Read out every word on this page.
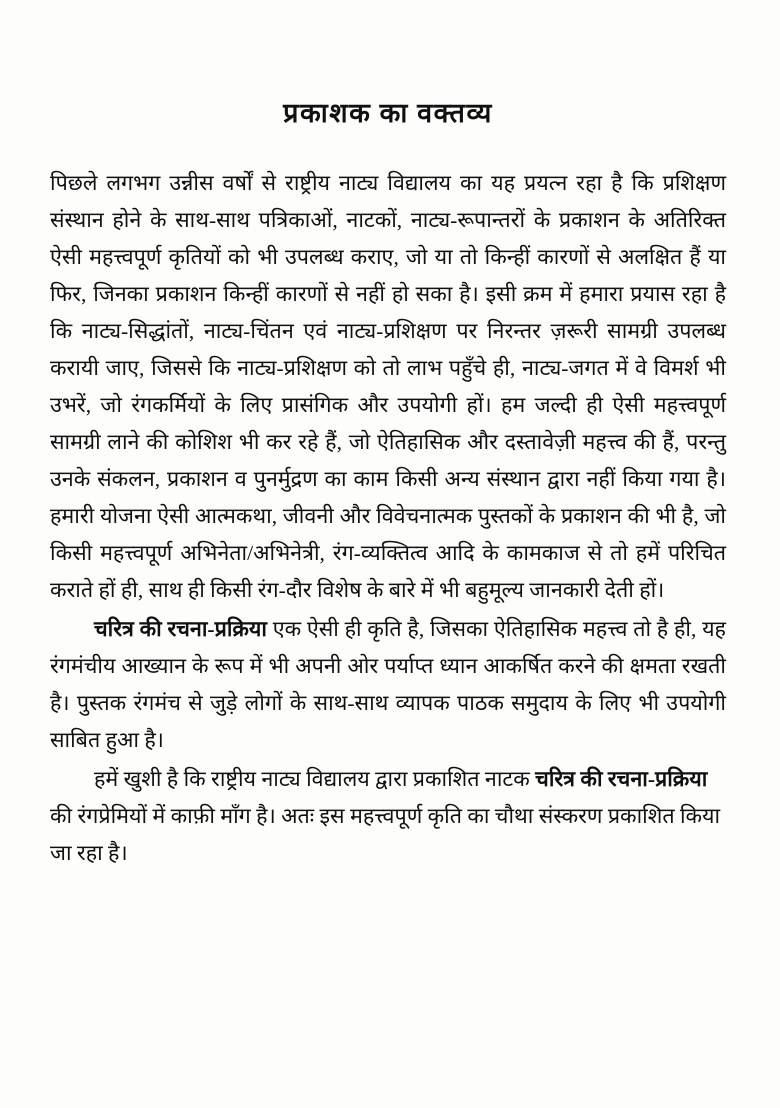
प्रकाशक का वक्तव्य

पिछले लगभग उन्नीस वर्षों से राष्ट्रीय नाट्य विद्यालय का यह प्रयत्न रहा है कि प्रशिक्षण संस्थान होने के साथ-साथ पत्रिकाओं, नाटकों, नाट्य-रूपान्तरों के प्रकाशन के अतिरिक्त ऐसी महत्त्वपूर्ण कृतियों को भी उपलब्ध कराए, जो या तो किन्हीं कारणों से अलक्षित हैं या फिर, जिनका प्रकाशन किन्हीं कारणों से नहीं हो सका है। इसी क्रम में हमारा प्रयास रहा है कि नाट्य-सिद्धांतों, नाट्य-चिंतन एवं नाट्य-प्रशिक्षण पर निरन्तर ज़रूरी सामग्री उपलब्ध करायी जाए, जिससे कि नाट्य-प्रशिक्षण को तो लाभ पहुँचे ही, नाट्य-जगत में वे विमर्श भी उभरें, जो रंगकर्मियों के लिए प्रासंगिक और उपयोगी हों। हम जल्दी ही ऐसी महत्त्वपूर्ण सामग्री लाने की कोशिश भी कर रहे हैं, जो ऐतिहासिक और दस्तावेज़ी महत्त्व की हैं, परन्तु उनके संकलन, प्रकाशन व पुनर्मुद्रण का काम किसी अन्य संस्थान द्वारा नहीं किया गया है। हमारी योजना ऐसी आत्मकथा, जीवनी और विवेचनात्मक पुस्तकों के प्रकाशन की भी है, जो किसी महत्त्वपूर्ण अभिनेता/अभिनेत्री, रंग-व्यक्तित्व आदि के कामकाज से तो हमें परिचित कराते हों ही, साथ ही किसी रंग-दौर विशेष के बारे में भी बहुमूल्य जानकारी देती हों।

चरित्र की रचना-प्रक्रिया एक ऐसी ही कृति है, जिसका ऐतिहासिक महत्त्व तो है ही, यह रंगमंचीय आख्यान के रूप में भी अपनी ओर पर्याप्त ध्यान आकर्षित करने की क्षमता रखती है। पुस्तक रंगमंच से जुड़े लोगों के साथ-साथ व्यापक पाठक समुदाय के लिए भी उपयोगी साबित हुआ है।

हमें खुशी है कि राष्ट्रीय नाट्य विद्यालय द्वारा प्रकाशित नाटक चरित्र की रचना-प्रक्रिया की रंगप्रेमियों में काफ़ी माँग है। अतः इस महत्त्वपूर्ण कृति का चौथा संस्करण प्रकाशित किया जा रहा है।
